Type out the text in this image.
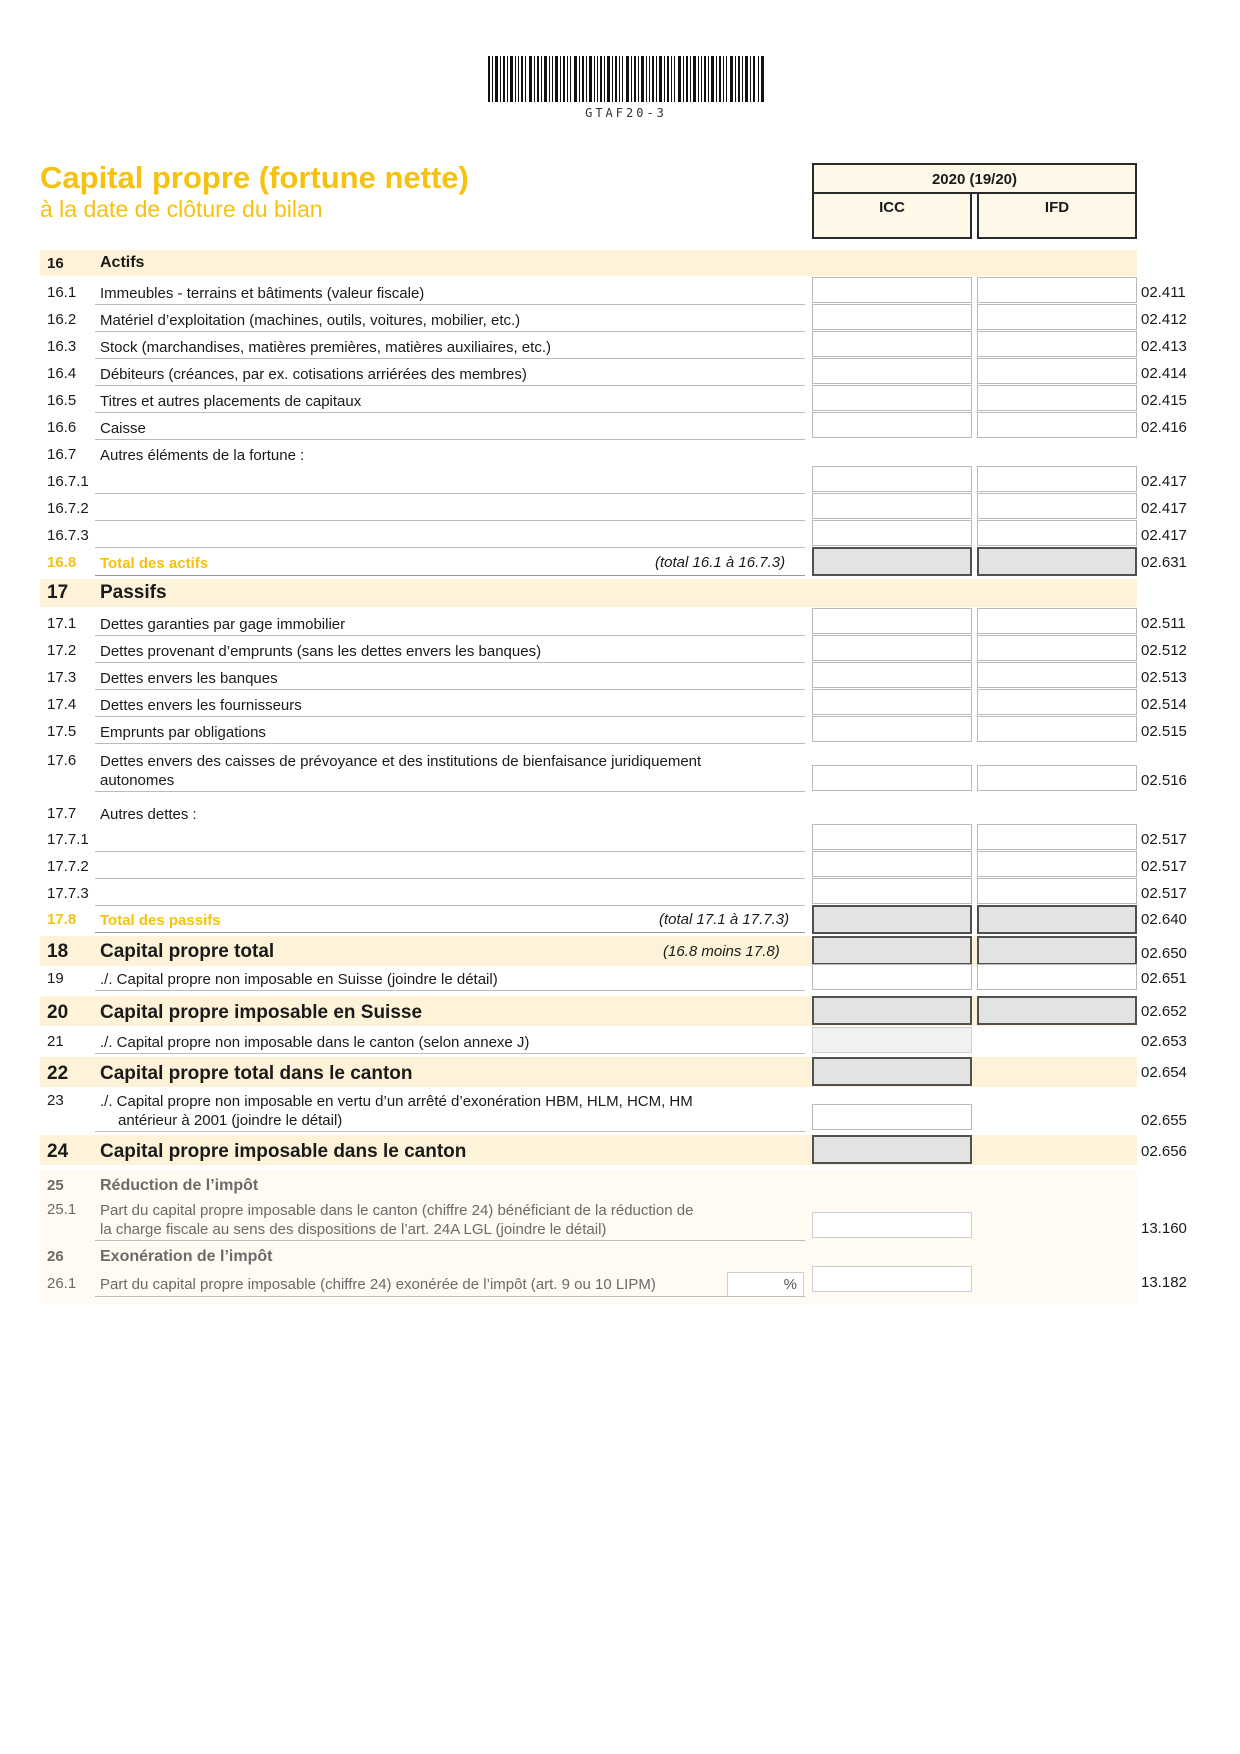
GTAF20-3
Capital propre (fortune nette)
à la date de clôture du bilan
2020 (19/20)
ICC	IFD
16 Actifs
16.1 Immeubles - terrains et bâtiments (valeur fiscale)	02.411
16.2 Matériel d’exploitation (machines, outils, voitures, mobilier, etc.)	02.412
16.3 Stock (marchandises, matières premières, matières auxiliaires, etc.)	02.413
16.4 Débiteurs (créances, par ex. cotisations arriérées des membres)	02.414
16.5 Titres et autres placements de capitaux	02.415
16.6 Caisse	02.416
16.7 Autres éléments de la fortune :
16.7.1	02.417
16.7.2	02.417
16.7.3	02.417
16.8 Total des actifs	(total 16.1 à 16.7.3)	02.631
17 Passifs
17.1 Dettes garanties par gage immobilier	02.511
17.2 Dettes provenant d’emprunts (sans les dettes envers les banques)	02.512
17.3 Dettes envers les banques	02.513
17.4 Dettes envers les fournisseurs	02.514
17.5 Emprunts par obligations	02.515
17.6 Dettes envers des caisses de prévoyance et des institutions de bienfaisance juridiquement
autonomes	02.516
17.7 Autres dettes :
17.7.1	02.517
17.7.2	02.517
17.7.3	02.517
17.8 Total des passifs	(total 17.1 à 17.7.3)	02.640
18 Capital propre total	(16.8 moins 17.8)	02.650
19 ./. Capital propre non imposable en Suisse (joindre le détail)	02.651
20 Capital propre imposable en Suisse	02.652
21 ./. Capital propre non imposable dans le canton (selon annexe J)	02.653
22 Capital propre total dans le canton	02.654
23 ./. Capital propre non imposable en vertu d’un arrêté d’exonération HBM, HLM, HCM, HM
antérieur à 2001 (joindre le détail)	02.655
24 Capital propre imposable dans le canton	02.656
25 Réduction de l’impôt
25.1 Part du capital propre imposable dans le canton (chiffre 24) bénéficiant de la réduction de
la charge fiscale au sens des dispositions de l’art. 24A LGL (joindre le détail)	13.160
26 Exonération de l’impôt
26.1 Part du capital propre imposable (chiffre 24) exonérée de l’impôt (art. 9 ou 10 LIPM)	%	13.182
